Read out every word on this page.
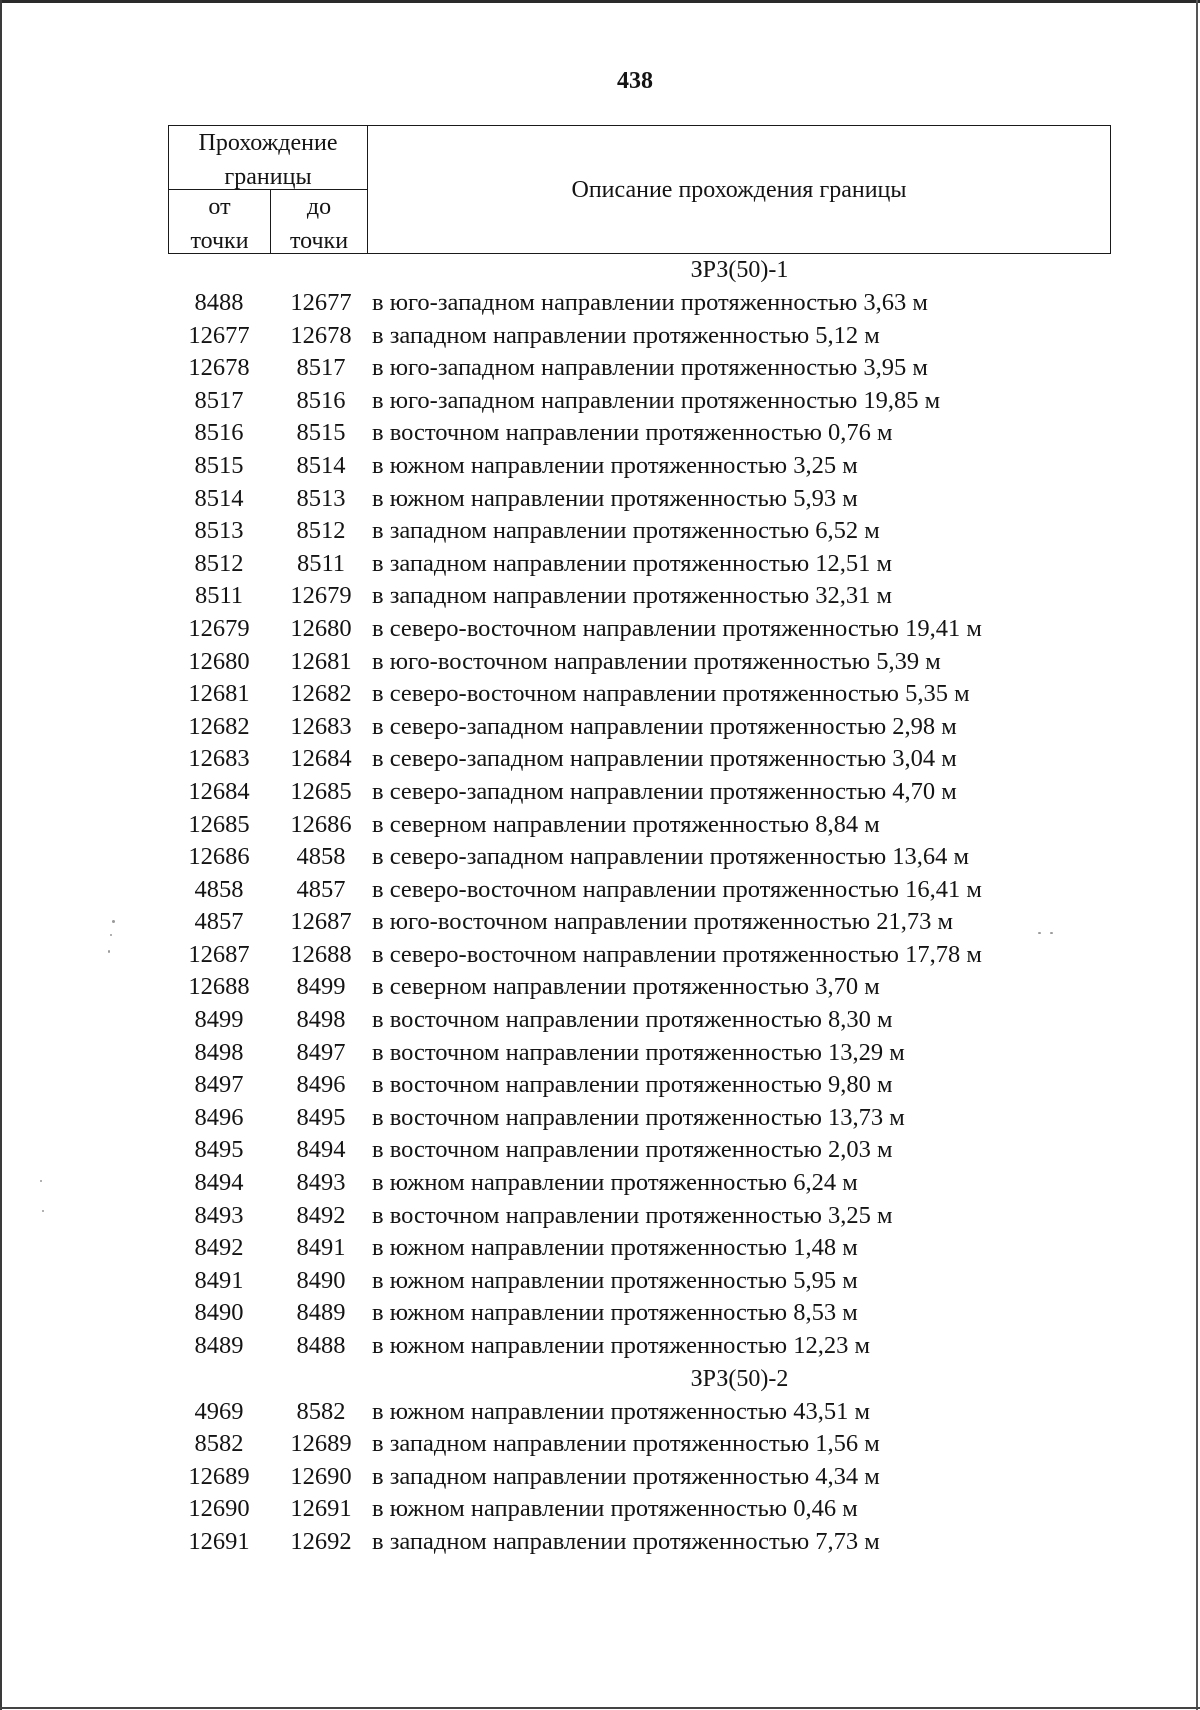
438
Прохождение
границы
от
точки
до
точки
Описание прохождения границы
ЗРЗ(50)-1
8488	12677 в юго-западном направлении протяженностью 3,63 м
12677	12678 в западном направлении протяженностью 5,12 м
12678	8517	в юго-западном направлении протяженностью 3,95 м
8517	8516	в юго-западном направлении протяженностью 19,85 м
8516	8515	в восточном направлении протяженностью 0,76 м
8515	8514	в южном направлении протяженностью 3,25 м
8514	8513	в южном направлении протяженностью 5,93 м
8513	8512	в западном направлении протяженностью 6,52 м
8512	8511	в западном направлении протяженностью 12,51 м
8511	12679 в западном направлении протяженностью 32,31 м
12679	12680 в северо-восточном направлении протяженностью 19,41 м
12680	12681 в юго-восточном направлении протяженностью 5,39 м
12681	12682 в северо-восточном направлении протяженностью 5,35 м
12682	12683 в северо-западном направлении протяженностью 2,98 м
12683	12684 в северо-западном направлении протяженностью 3,04 м
12684	12685 в северо-западном направлении протяженностью 4,70 м
12685	12686 в северном направлении протяженностью 8,84 м
12686	4858	в северо-западном направлении протяженностью 13,64 м
4858	4857	в северо-восточном направлении протяженностью 16,41 м
4857	12687 в юго-восточном направлении протяженностью 21,73 м
12687	12688 в северо-восточном направлении протяженностью 17,78 м
12688	8499	в северном направлении протяженностью 3,70 м
8499	8498	в восточном направлении протяженностью 8,30 м
8498	8497	в восточном направлении протяженностью 13,29 м
8497	8496	в восточном направлении протяженностью 9,80 м
8496	8495	в восточном направлении протяженностью 13,73 м
8495	8494	в восточном направлении протяженностью 2,03 м
8494	8493	в южном направлении протяженностью 6,24 м
8493	8492	в восточном направлении протяженностью 3,25 м
8492	8491	в южном направлении протяженностью 1,48 м
8491	8490	в южном направлении протяженностью 5,95 м
8490	8489	в южном направлении протяженностью 8,53 м
8489	8488	в южном направлении протяженностью 12,23 м
ЗРЗ(50)-2
4969	8582	в южном направлении протяженностью 43,51 м
8582	12689 в западном направлении протяженностью 1,56 м
12689	12690 в западном направлении протяженностью 4,34 м
12690	12691 в южном направлении протяженностью 0,46 м
12691	12692 в западном направлении протяженностью 7,73 м
